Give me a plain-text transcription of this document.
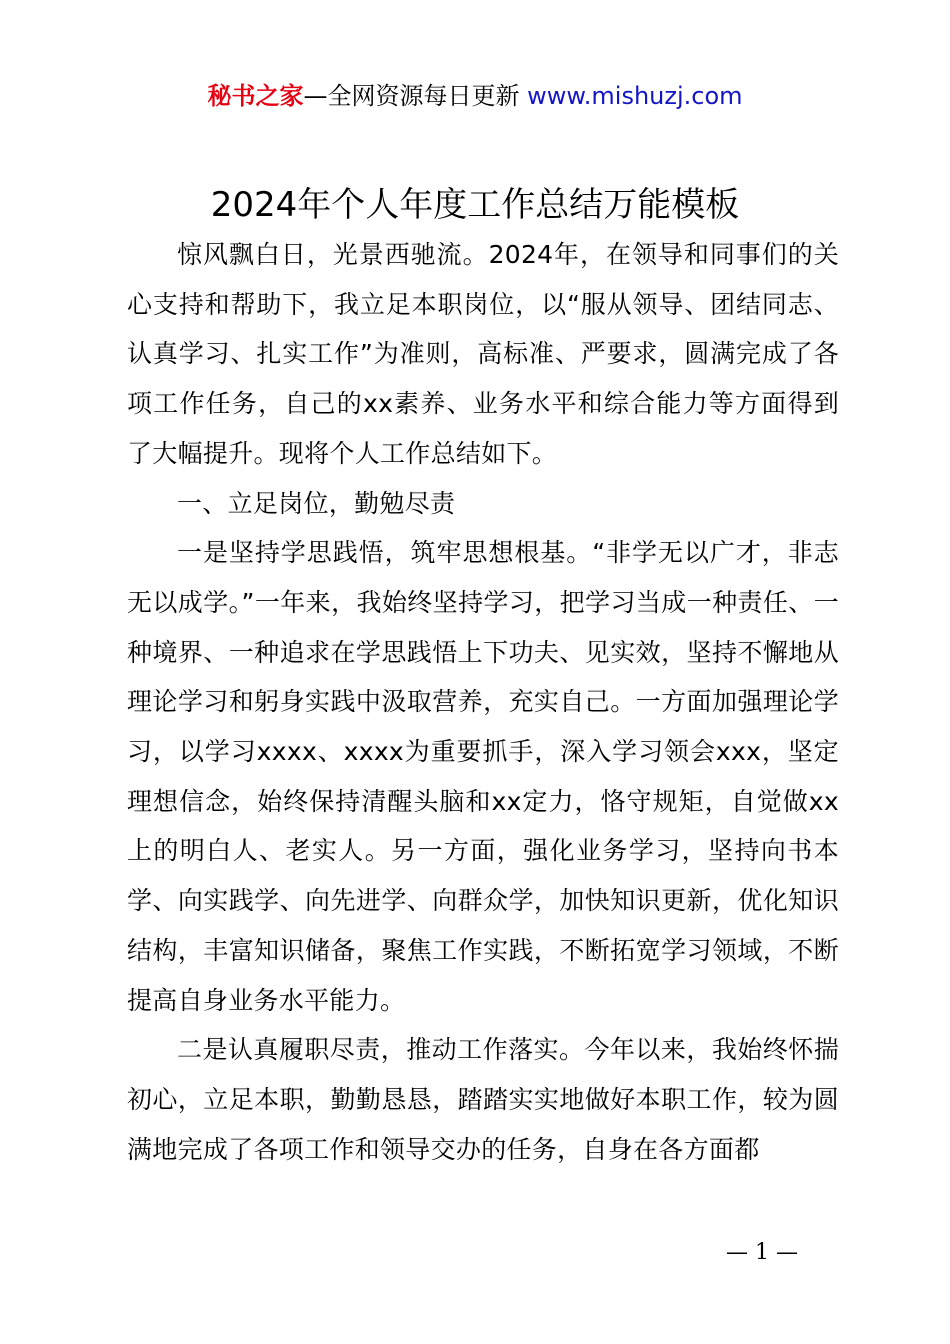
秘书之家—全网资源每日更新 www.mishuzj.com
2024年个人年度工作总结万能模板

惊风飘白日，光景西驰流。2024年，在领导和同事们的关心支持和帮助下，我立足本职岗位，以“服从领导、团结同志、认真学习、扎实工作”为准则，高标准、严要求，圆满完成了各项工作任务，自己的xx素养、业务水平和综合能力等方面得到了大幅提升。现将个人工作总结如下。

一、立足岗位，勤勉尽责

一是坚持学思践悟，筑牢思想根基。“非学无以广才，非志无以成学。”一年来，我始终坚持学习，把学习当成一种责任、一种境界、一种追求在学思践悟上下功夫、见实效，坚持不懈地从理论学习和躬身实践中汲取营养，充实自己。一方面加强理论学习，以学习xxxx、xxxx为重要抓手，深入学习领会xxx，坚定理想信念，始终保持清醒头脑和xx定力，恪守规矩，自觉做xx上的明白人、老实人。另一方面，强化业务学习，坚持向书本学、向实践学、向先进学、向群众学，加快知识更新，优化知识结构，丰富知识储备，聚焦工作实践，不断拓宽学习领域，不断提高自身业务水平能力。

二是认真履职尽责，推动工作落实。今年以来，我始终怀揣初心，立足本职，勤勤恳恳，踏踏实实地做好本职工作，较为圆满地完成了各项工作和领导交办的任务，自身在各方面都

— 1 —
